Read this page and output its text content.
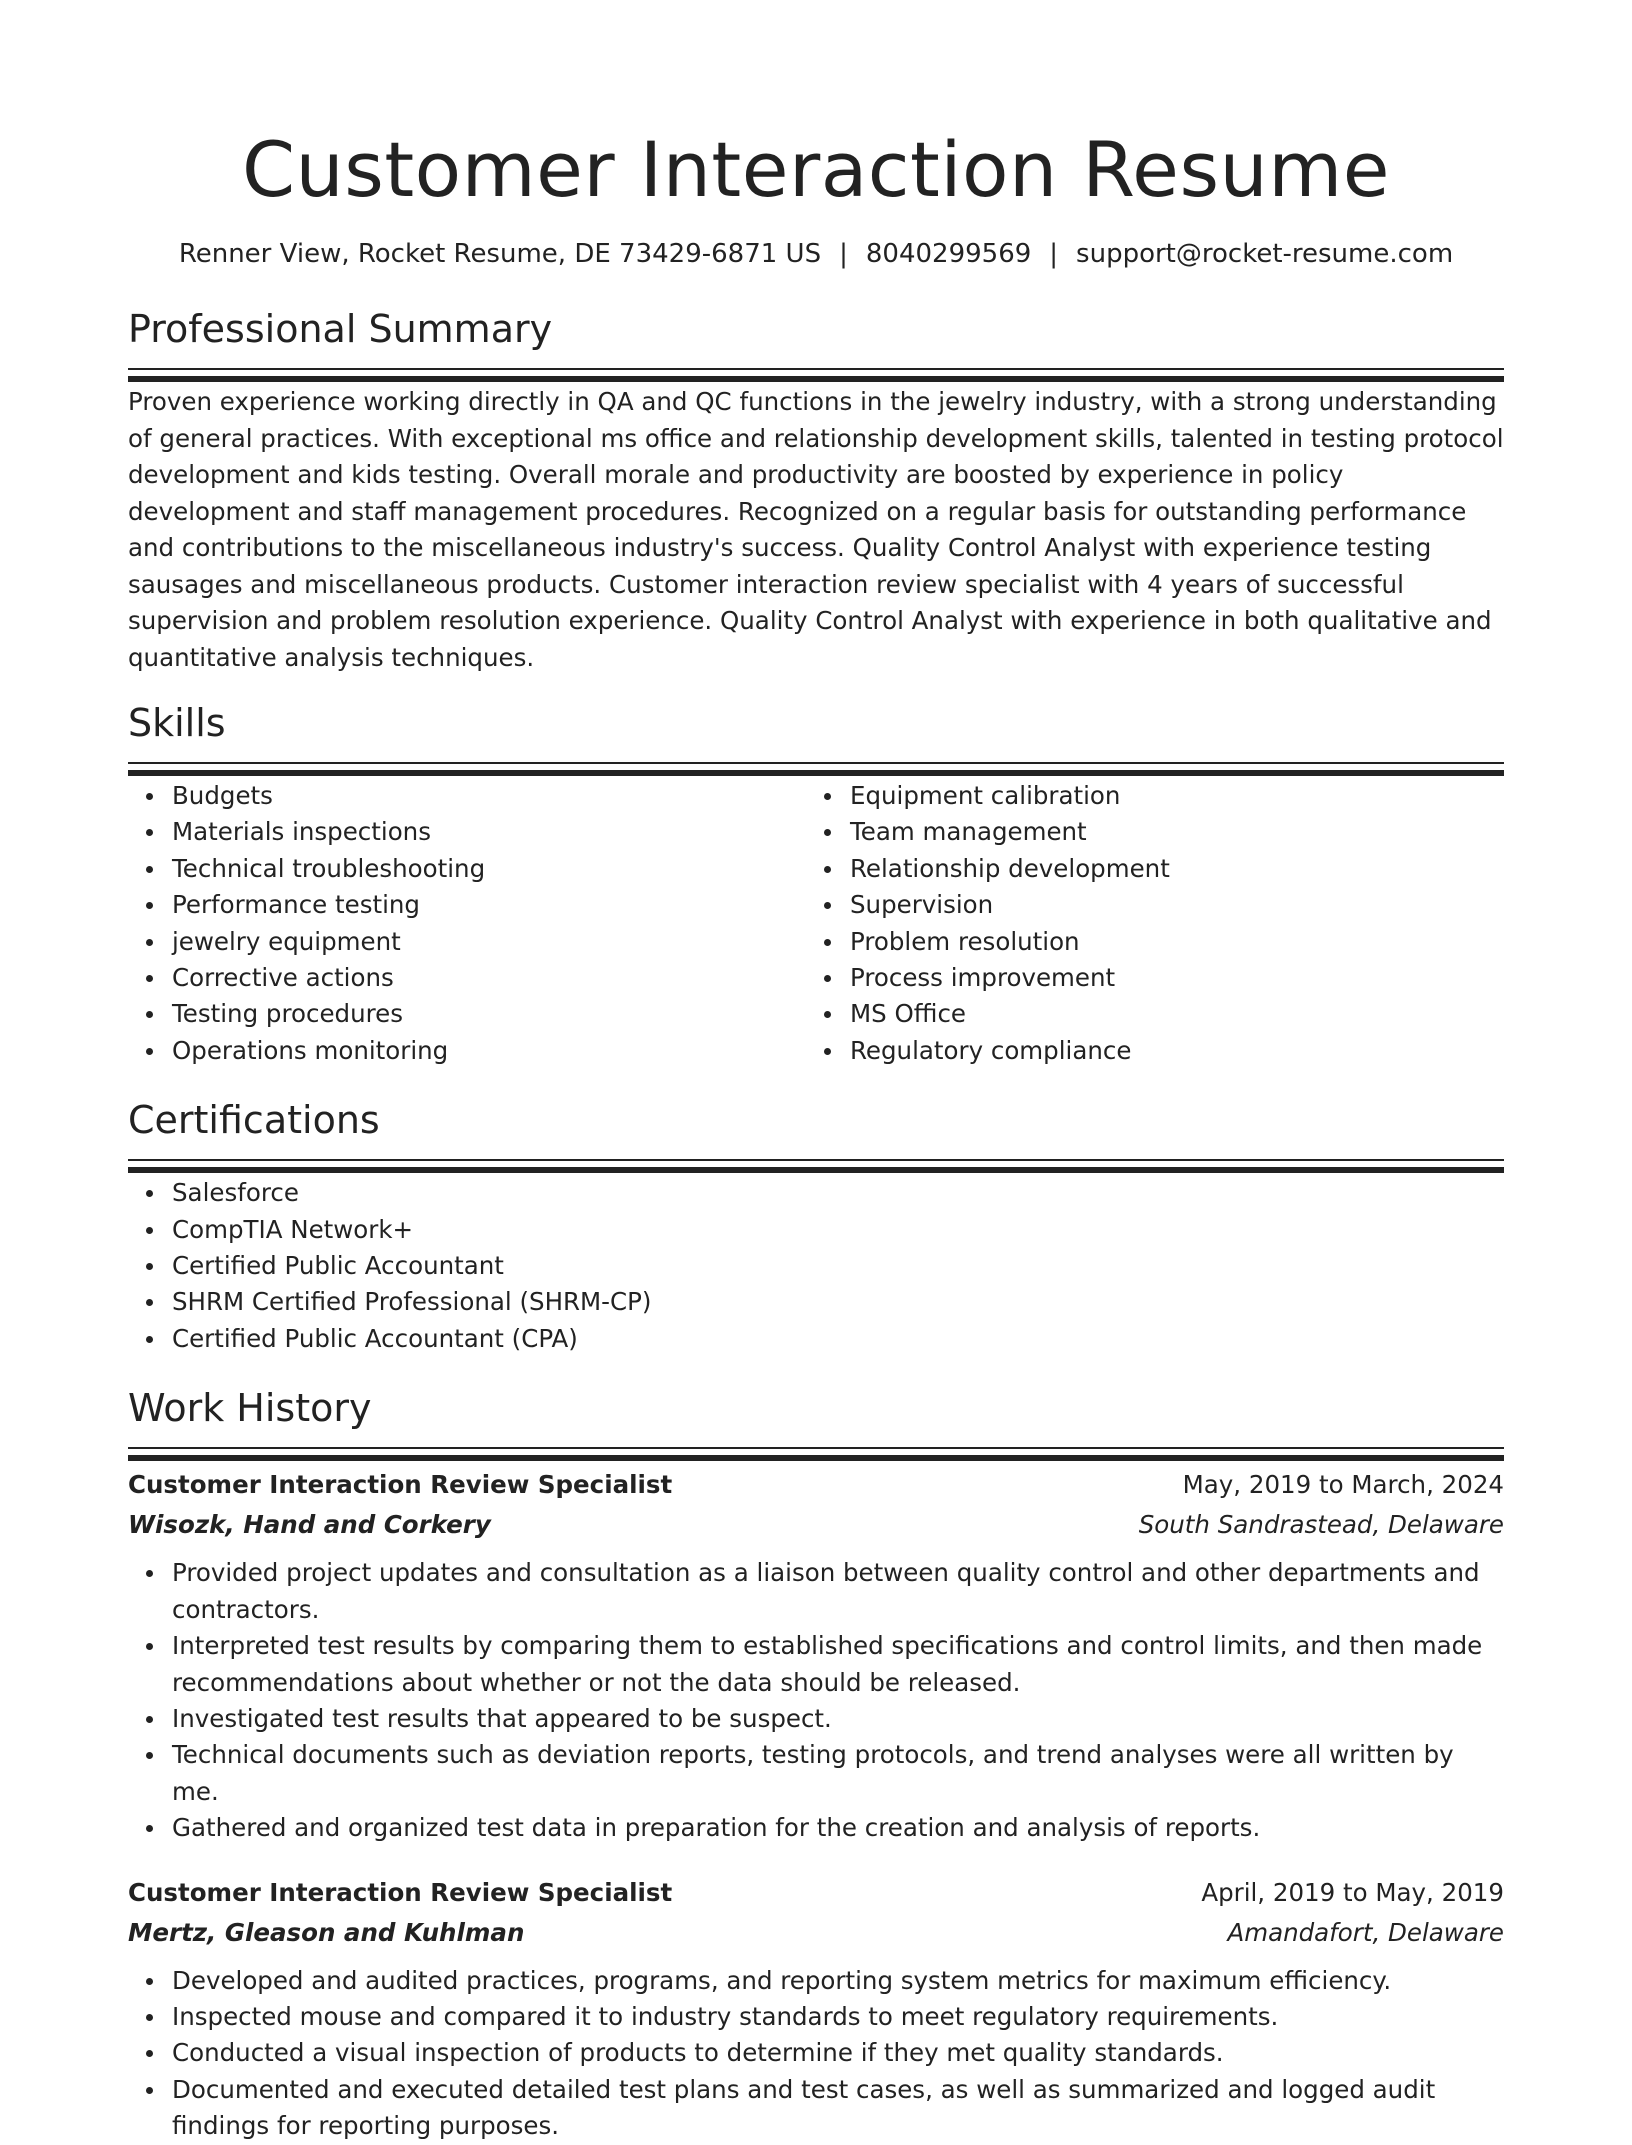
Customer Interaction Resume
Renner View, Rocket Resume, DE 73429-6871 US | 8040299569 | support@rocket-resume.com
Professional Summary

Proven experience working directly in QA and QC functions in the jewelry industry, with a strong understanding of general practices. With exceptional ms office and relationship development skills, talented in testing protocol development and kids testing. Overall morale and productivity are boosted by experience in policy development and staff management procedures. Recognized on a regular basis for outstanding performance and contributions to the miscellaneous industry's success. Quality Control Analyst with experience testing sausages and miscellaneous products. Customer interaction review specialist with 4 years of successful supervision and problem resolution experience. Quality Control Analyst with experience in both qualitative and quantitative analysis techniques.

Skills
Budgets
Materials inspections
Technical troubleshooting
Performance testing
jewelry equipment
Corrective actions
Testing procedures
Operations monitoring
Equipment calibration
Team management
Relationship development
Supervision
Problem resolution
Process improvement
MS Office
Regulatory compliance
Certifications
Salesforce
CompTIA Network+
Certified Public Accountant
SHRM Certified Professional (SHRM-CP)
Certified Public Accountant (CPA)
Work History
Customer Interaction Review Specialist	May, 2019 to March, 2024
Wisozk, Hand and Corkery	South Sandrastead, Delaware
Provided project updates and consultation as a liaison between quality control and other departments and contractors.
Interpreted test results by comparing them to established specifications and control limits, and then made recommendations about whether or not the data should be released.
Investigated test results that appeared to be suspect.
Technical documents such as deviation reports, testing protocols, and trend analyses were all written by me.
Gathered and organized test data in preparation for the creation and analysis of reports.
Customer Interaction Review Specialist	April, 2019 to May, 2019
Mertz, Gleason and Kuhlman	Amandafort, Delaware
Developed and audited practices, programs, and reporting system metrics for maximum efficiency.
Inspected mouse and compared it to industry standards to meet regulatory requirements.
Conducted a visual inspection of products to determine if they met quality standards.
Documented and executed detailed test plans and test cases, as well as summarized and logged audit findings for reporting purposes.
